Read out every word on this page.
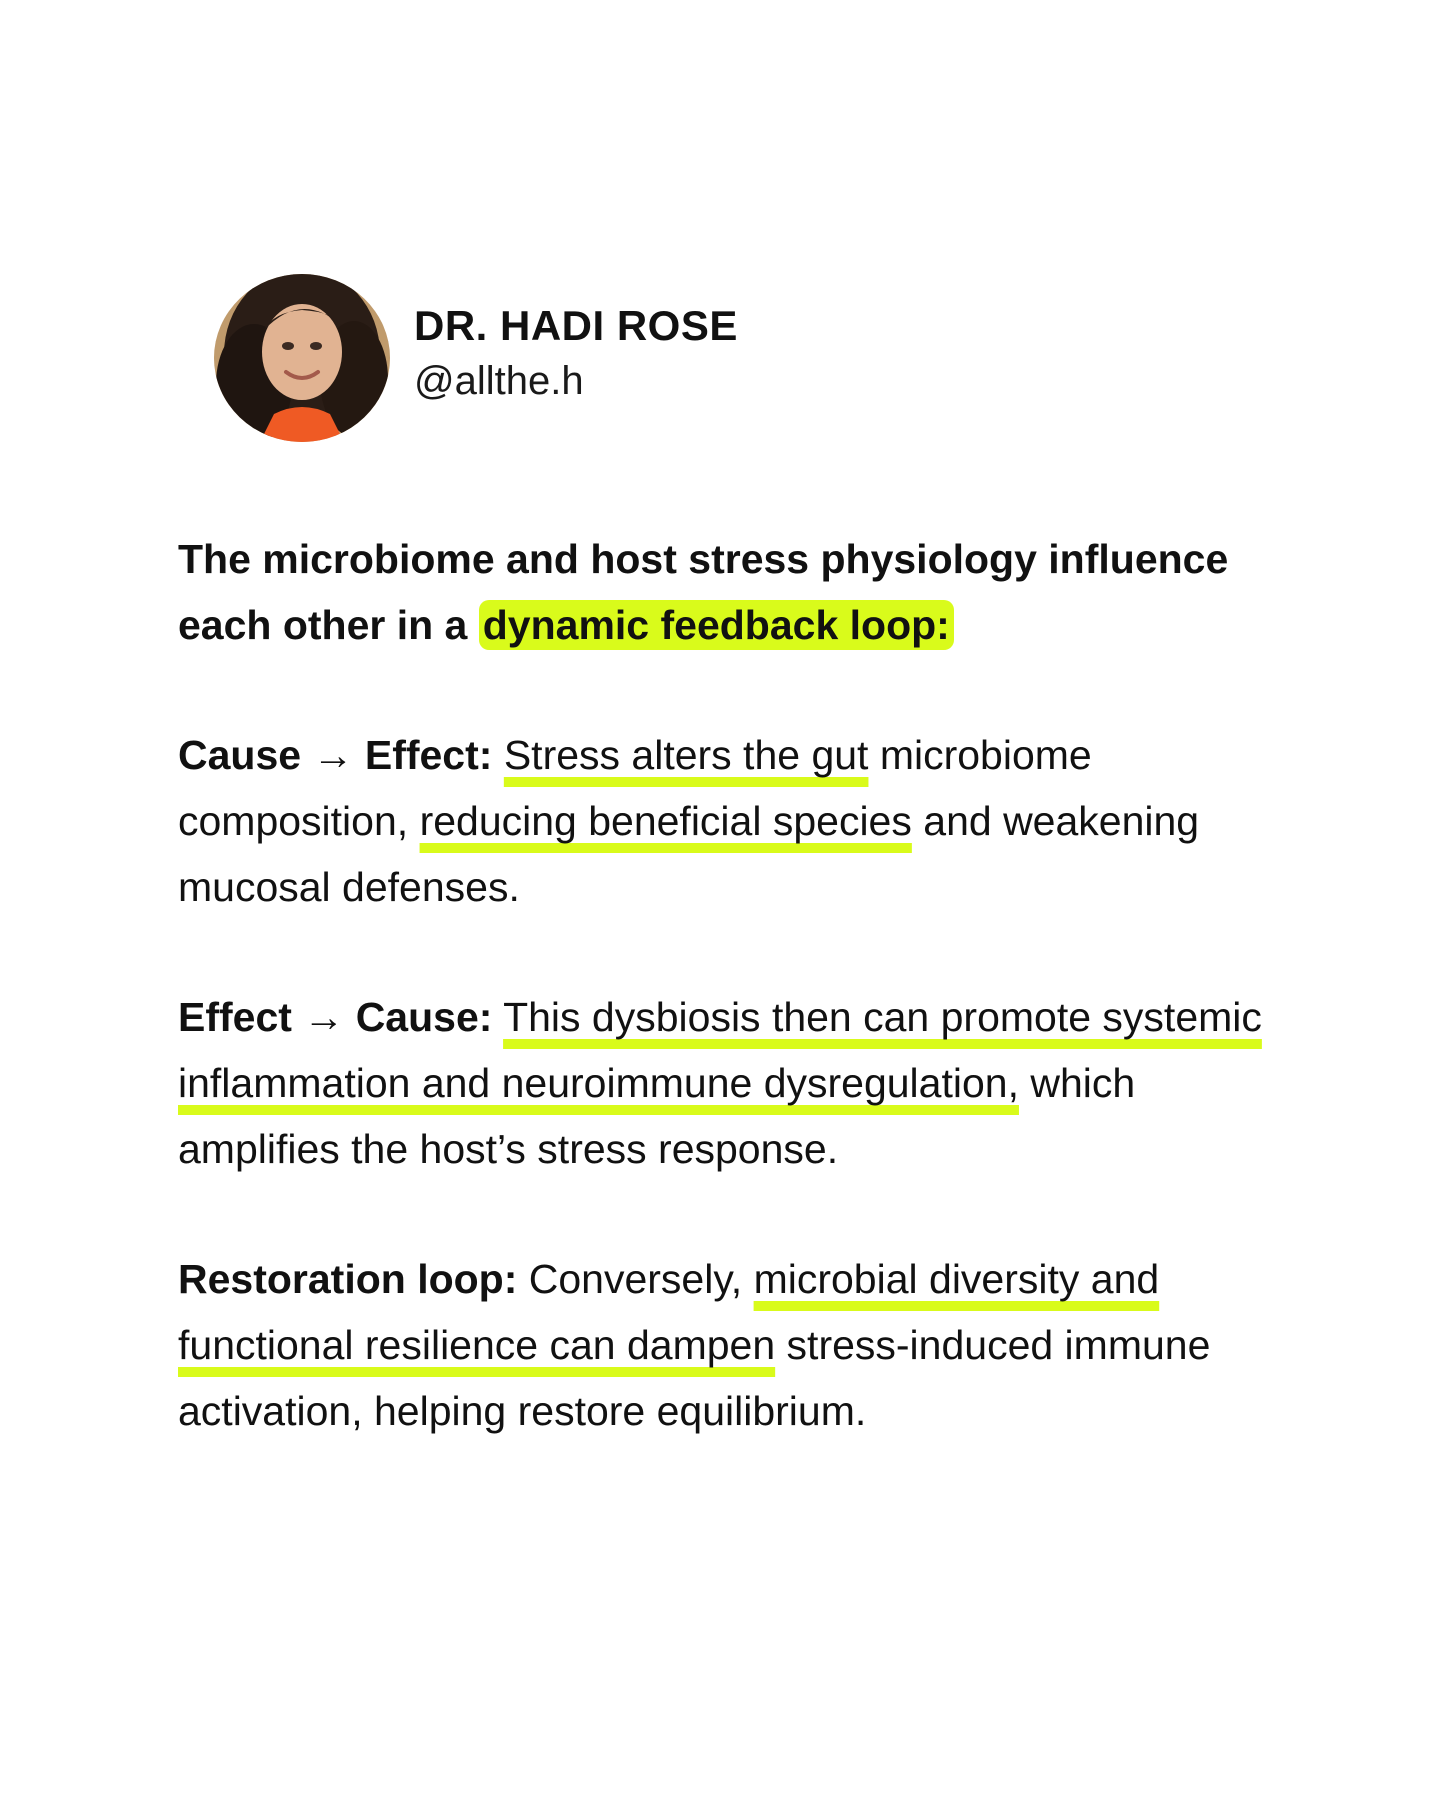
DR. HADI ROSE
@allthe.h

The microbiome and host stress physiology influence each other in a dynamic feedback loop:

Cause → Effect: Stress alters the gut microbiome composition, reducing beneficial species and weakening mucosal defenses.

Effect → Cause: This dysbiosis then can promote systemic inflammation and neuroimmune dysregulation, which amplifies the host’s stress response.

Restoration loop: Conversely, microbial diversity and functional resilience can dampen stress-induced immune activation, helping restore equilibrium.
